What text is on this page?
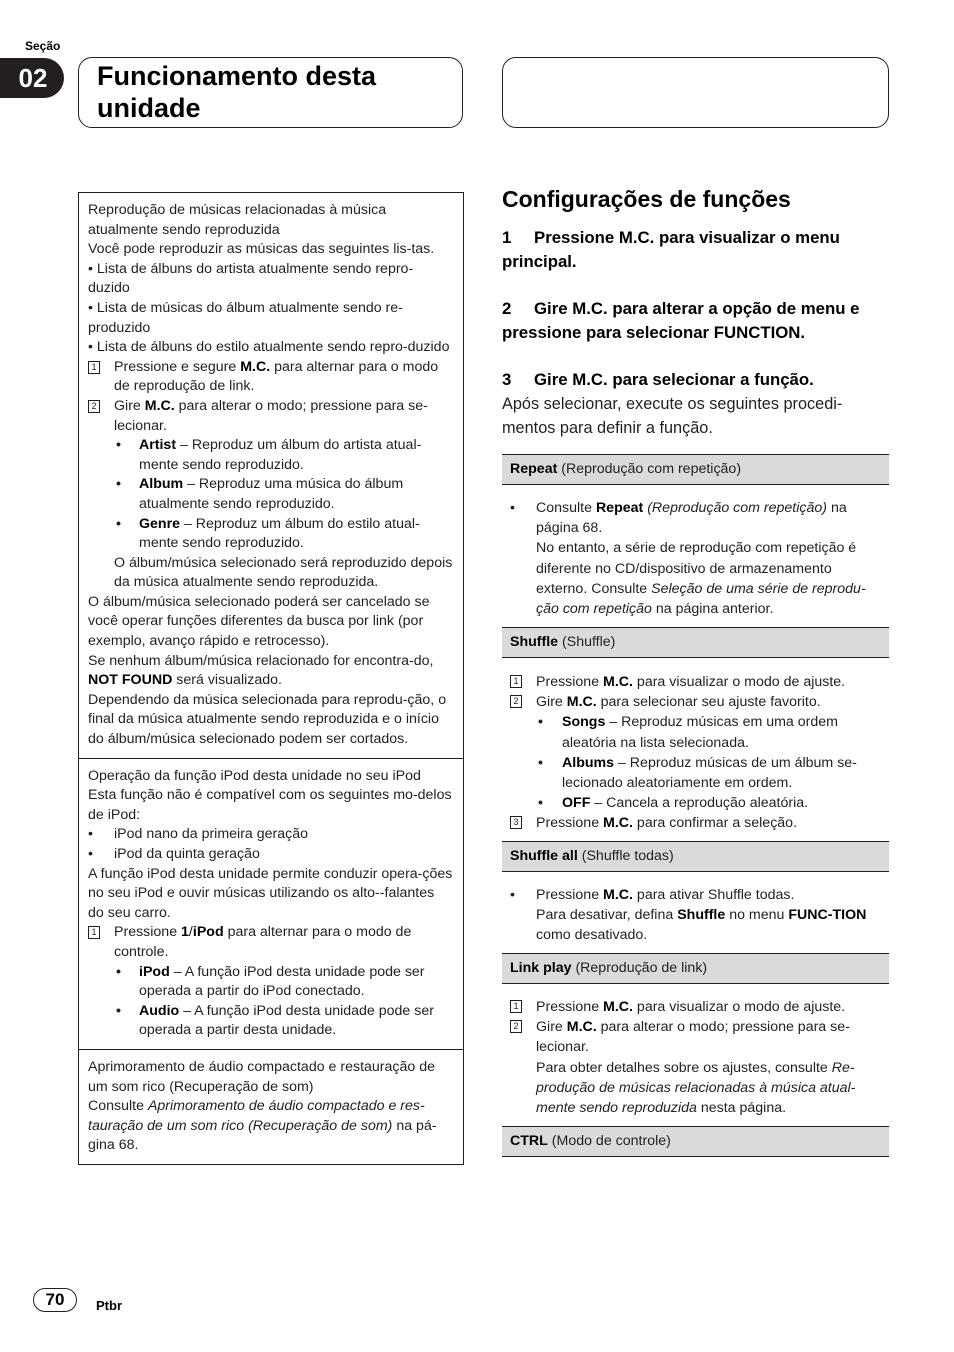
Seção
02	Funcionamento desta
unidade

Reprodução de músicas relacionadas à música

atualmente sendo reproduzida

Você pode reproduzir as músicas das seguintes lis-tas.

• Lista de álbuns do artista atualmente sendo repro-duzido

• Lista de músicas do álbum atualmente sendo re-produzido

• Lista de álbuns do estilo atualmente sendo repro-duzido

1 Pressione e segure M.C. para alternar para o modo de reprodução de link.
2 Gire M.C. para alterar o modo; pressione para se-lecionar.
• Artist – Reproduz um álbum do artista atual-mente sendo reproduzido.
• Album – Reproduz uma música do álbum atualmente sendo reproduzido.
• Genre – Reproduz um álbum do estilo atual-mente sendo reproduzido.

O álbum/música selecionado será reproduzido depois da música atualmente sendo reproduzida.

O álbum/música selecionado poderá ser cancelado se você operar funções diferentes da busca por link (por exemplo, avanço rápido e retrocesso).

Se nenhum álbum/música relacionado for encontra-do, NOT FOUND será visualizado.

Dependendo da música selecionada para reprodu-ção, o final da música atualmente sendo reproduzida e o início do álbum/música selecionado podem ser cortados.

Operação da função iPod desta unidade no seu iPod

Esta função não é compatível com os seguintes mo-delos de iPod:

• iPod nano da primeira geração
• iPod da quinta geração

A função iPod desta unidade permite conduzir opera-ções no seu iPod e ouvir músicas utilizando os alto--falantes do seu carro.

1 Pressione 1/iPod para alternar para o modo de controle.
• iPod – A função iPod desta unidade pode ser operada a partir do iPod conectado.
• Audio – A função iPod desta unidade pode ser operada a partir desta unidade.

Aprimoramento de áudio compactado e restauração de um som rico (Recuperação de som)

Consulte Aprimoramento de áudio compactado e res-tauração de um som rico (Recuperação de som) na pá-gina 68.

Configurações de funções
1 Pressione M.C. para visualizar o menu principal.
2 Gire M.C. para alterar a opção de menu e pressione para selecionar FUNCTION.
3 Gire M.C. para selecionar a função.
Após selecionar, execute os seguintes procedi-mentos para definir a função.
Repeat (Reprodução com repetição)
• Consulte Repeat (Reprodução com repetição) na página 68.
No entanto, a série de reprodução com repetição é diferente no CD/dispositivo de armazenamento externo. Consulte Seleção de uma série de reprodu-ção com repetição na página anterior.
Shuffle (Shuffle)
1 Pressione M.C. para visualizar o modo de ajuste.
2 Gire M.C. para selecionar seu ajuste favorito.
• Songs – Reproduz músicas em uma ordem aleatória na lista selecionada.
• Albums – Reproduz músicas de um álbum se-lecionado aleatoriamente em ordem.
• OFF – Cancela a reprodução aleatória.
3 Pressione M.C. para confirmar a seleção.
Shuffle all (Shuffle todas)
• Pressione M.C. para ativar Shuffle todas.
Para desativar, defina Shuffle no menu FUNC-TION como desativado.
Link play (Reprodução de link)
1 Pressione M.C. para visualizar o modo de ajuste.
2 Gire M.C. para alterar o modo; pressione para se-lecionar.
Para obter detalhes sobre os ajustes, consulte Re-produção de músicas relacionadas à música atual-mente sendo reproduzida nesta página.
CTRL (Modo de controle)
70	Ptbr
